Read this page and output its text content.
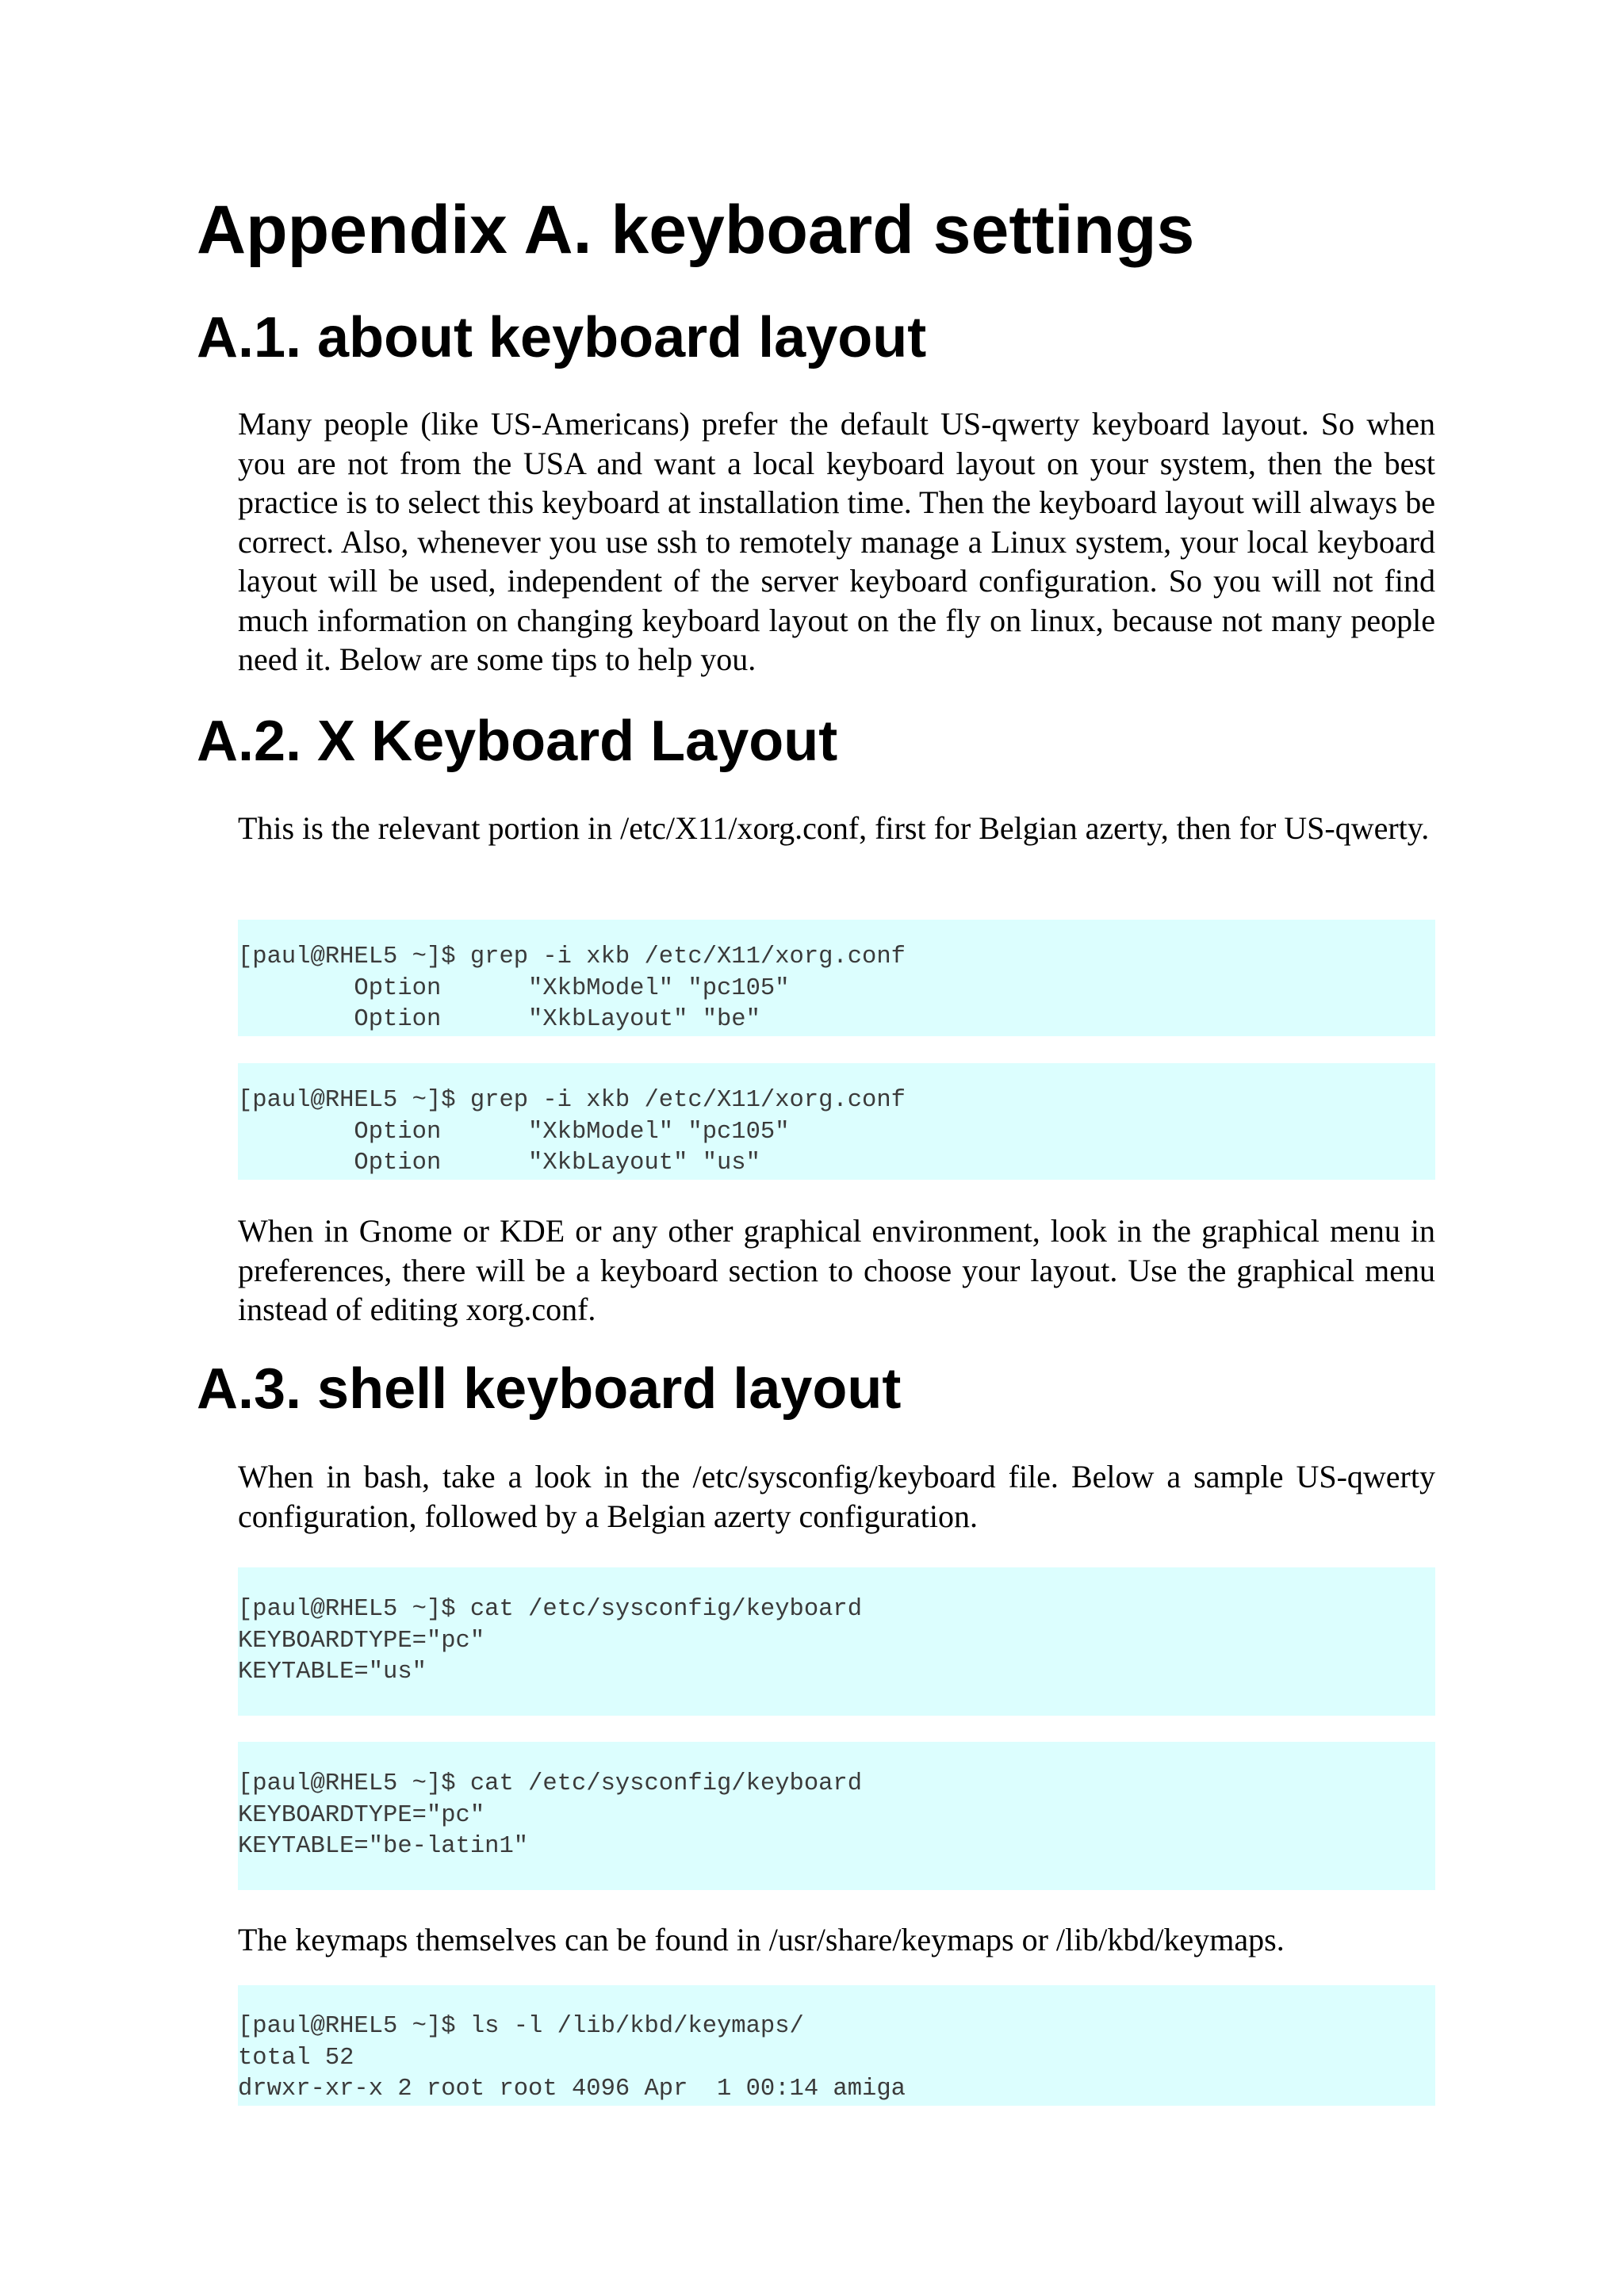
Appendix A. keyboard settings
A.1. about keyboard layout

Many people (like US-Americans) prefer the default US-qwerty keyboard layout. So when you are not from the USA and want a local keyboard layout on your system, then the best practice is to select this keyboard at installation time. Then the keyboard layout will always be correct. Also, whenever you use ssh to remotely manage a Linux system, your local keyboard layout will be used, independent of the server keyboard configuration. So you will not find much information on changing keyboard layout on the fly on linux, because not many people need it. Below are some tips to help you.

A.2. X Keyboard Layout

This is the relevant portion in /etc/X11/xorg.conf, first for Belgian azerty, then for US-qwerty.

[paul@RHEL5 ~]$ grep -i xkb /etc/X11/xorg.conf
Option      "XkbModel" "pc105"
Option      "XkbLayout" "be"
[paul@RHEL5 ~]$ grep -i xkb /etc/X11/xorg.conf
Option      "XkbModel" "pc105"
Option      "XkbLayout" "us"

When in Gnome or KDE or any other graphical environment, look in the graphical menu in preferences, there will be a keyboard section to choose your layout. Use the graphical menu instead of editing xorg.conf.

A.3. shell keyboard layout

When in bash, take a look in the /etc/sysconfig/keyboard file. Below a sample US-qwerty configuration, followed by a Belgian azerty configuration.

[paul@RHEL5 ~]$ cat /etc/sysconfig/keyboard
KEYBOARDTYPE="pc"
KEYTABLE="us"
[paul@RHEL5 ~]$ cat /etc/sysconfig/keyboard
KEYBOARDTYPE="pc"
KEYTABLE="be-latin1"

The keymaps themselves can be found in /usr/share/keymaps or /lib/kbd/keymaps.

[paul@RHEL5 ~]$ ls -l /lib/kbd/keymaps/
total 52
drwxr-xr-x 2 root root 4096 Apr  1 00:14 amiga
